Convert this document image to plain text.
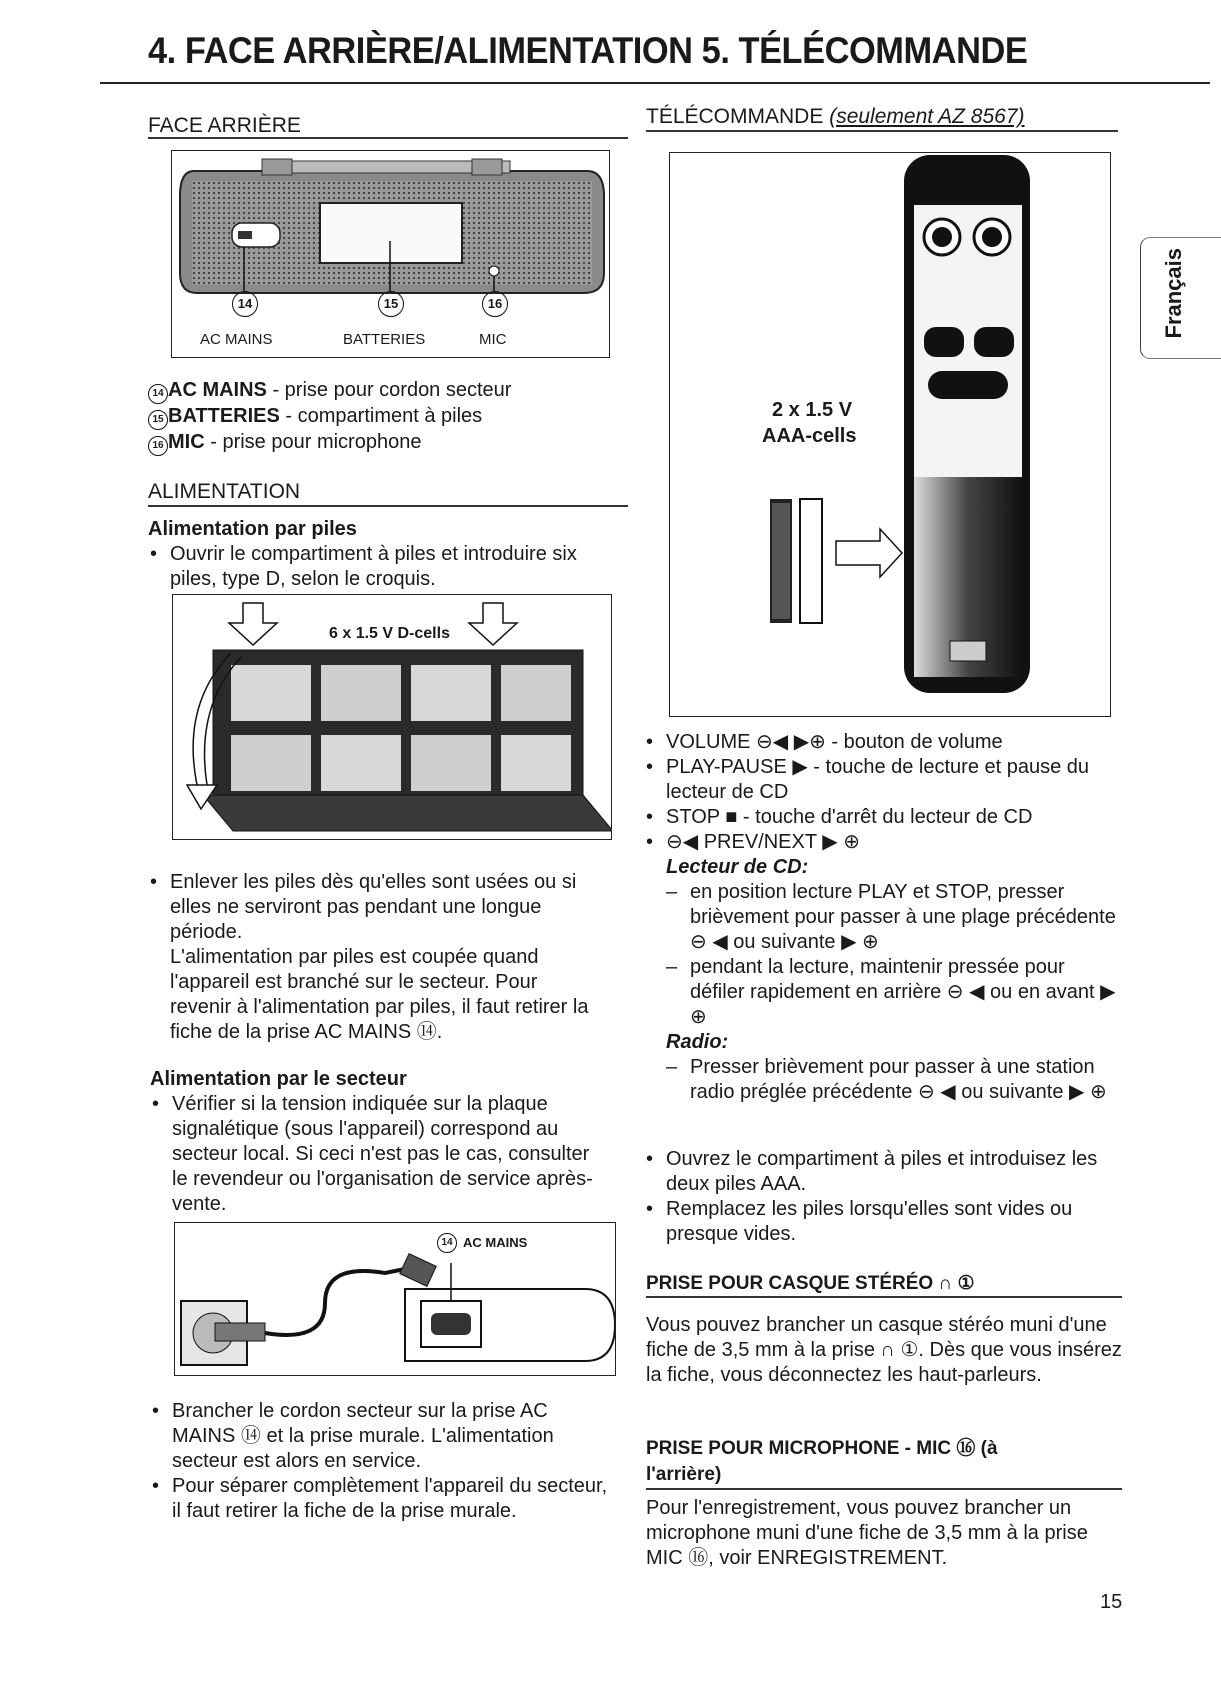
4. FACE ARRIÈRE/ALIMENTATION 5. TÉLÉCOMMANDE
Français
FACE ARRIÈRE
14	15	16
AC MAINS	BATTERIES	MIC
14 AC MAINS - prise pour cordon secteur
15 BATTERIES - compartiment à piles
16 MIC - prise pour microphone
ALIMENTATION
Alimentation par piles
• Ouvrir le compartiment à piles et introduire six piles, type D, selon le croquis.
6 x 1.5 V D-cells
• Enlever les piles dès qu'elles sont usées ou si elles ne serviront pas pendant une longue période.
L'alimentation par piles est coupée quand l'appareil est branché sur le secteur. Pour revenir à l'alimentation par piles, il faut retirer la fiche de la prise AC MAINS ⑭.
Alimentation par le secteur
• Vérifier si la tension indiquée sur la plaque signalétique (sous l'appareil) correspond au secteur local. Si ceci n'est pas le cas, consulter le revendeur ou l'organisation de service après-vente.
14 AC MAINS
• Brancher le cordon secteur sur la prise AC MAINS ⑭ et la prise murale. L'alimentation secteur est alors en service.
• Pour séparer complètement l'appareil du secteur, il faut retirer la fiche de la prise murale.
TÉLÉCOMMANDE (seulement AZ 8567)
2 x 1.5 V
AAA-cells
• VOLUME ⊖◀ ▶⊕ - bouton de volume
• PLAY-PAUSE ▶ - touche de lecture et pause du lecteur de CD
• STOP ■ - touche d'arrêt du lecteur de CD
• ⊖◀ PREV/NEXT ▶ ⊕
Lecteur de CD:
– en position lecture PLAY et STOP, presser brièvement pour passer à une plage précédente ⊖ ◀ ou suivante ▶ ⊕
– pendant la lecture, maintenir pressée pour défiler rapidement en arrière ⊖ ◀ ou en avant ▶ ⊕
Radio:
– Presser brièvement pour passer à une station radio préglée précédente ⊖ ◀ ou suivante ▶ ⊕
• Ouvrez le compartiment à piles et introduisez les deux piles AAA.
• Remplacez les piles lorsqu'elles sont vides ou presque vides.
PRISE POUR CASQUE STÉRÉO ∩ ①
Vous pouvez brancher un casque stéréo muni d'une fiche de 3,5 mm à la prise ∩ ①. Dès que vous insérez la fiche, vous déconnectez les haut-parleurs.
PRISE POUR MICROPHONE - MIC ⑯ (à l'arrière)
Pour l'enregistrement, vous pouvez brancher un microphone muni d'une fiche de 3,5 mm à la prise MIC ⑯, voir ENREGISTREMENT.
15
